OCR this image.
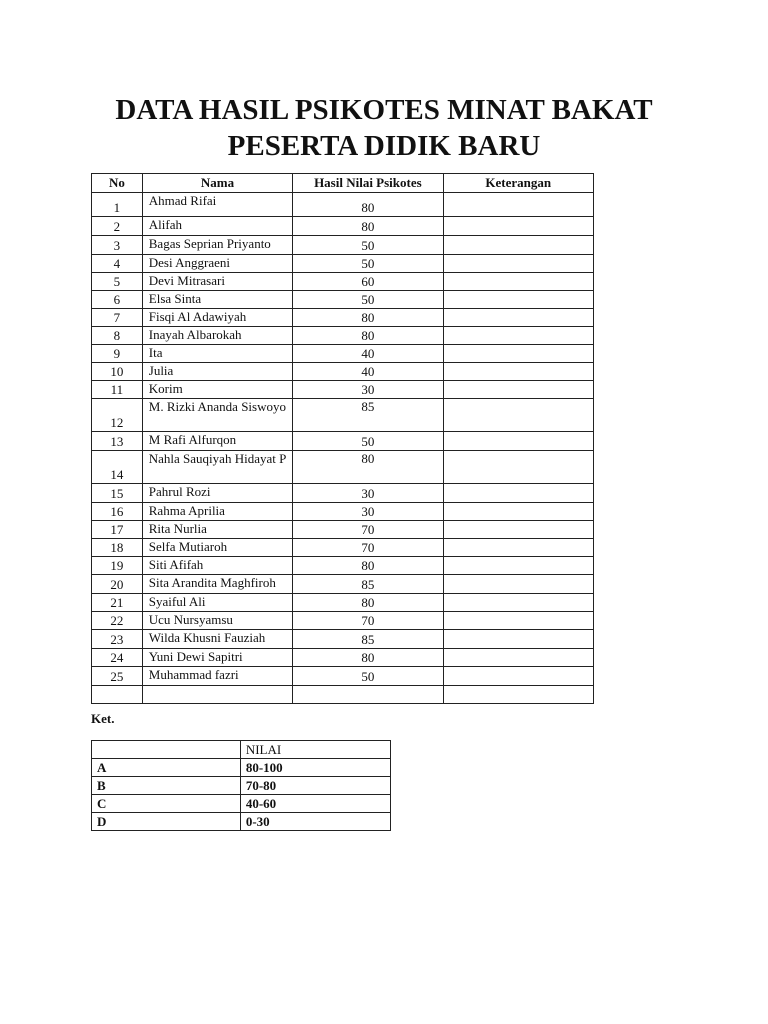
DATA HASIL PSIKOTES MINAT BAKAT
PESERTA DIDIK BARU
No	Nama	Hasil Nilai Psikotes	Keterangan
1	Ahmad Rifai	80	
2	Alifah	80	
3	Bagas Seprian Priyanto	50	
4	Desi Anggraeni	50	
5	Devi Mitrasari	60	
6	Elsa Sinta	50	
7	Fisqi Al Adawiyah	80	
8	Inayah Albarokah	80	
9	Ita	40	
10	Julia	40	
11	Korim	30	
12	M. Rizki Ananda Siswoyo	85	
13	M Rafi Alfurqon	50	
14	Nahla Sauqiyah Hidayat P	80	
15	Pahrul Rozi	30	
16	Rahma Aprilia	30	
17	Rita Nurlia	70	
18	Selfa Mutiaroh	70	
19	Siti Afifah	80	
20	Sita Arandita Maghfiroh	85	
21	Syaiful Ali	80	
22	Ucu Nursyamsu	70	
23	Wilda Khusni Fauziah	85	
24	Yuni Dewi Sapitri	80	
25	Muhammad fazri	50	

Ket.
	NILAI
A	80-100
B	70-80
C	40-60
D	0-30
